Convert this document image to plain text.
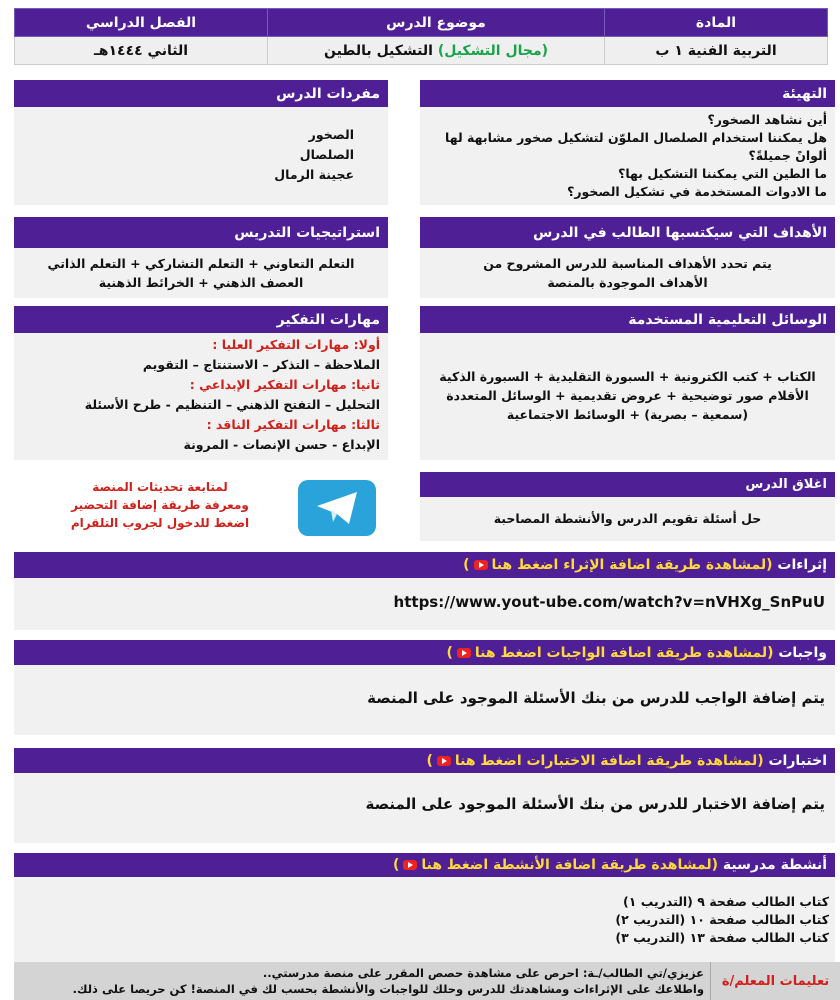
المادة	موضوع الدرس	الفصل الدراسي
التربية الفنية ١ ب	(مجال التشكيل) التشكيل بالطين	الثاني ١٤٤٤هـ
التهيئة
أين نشاهد الصخور؟
هل يمكننا استخدام الصلصال الملوّن لتشكيل صخور مشابهة لها ألوانً جميلةً؟
ما الطين التي يمكننا التشكيل بها؟
ما الادوات المستخدمة في تشكيل الصخور؟
مفردات الدرس
الصخور
الصلصال
عجينة الرمال
الأهداف التي سيكتسبها الطالب في الدرس
يتم تحدد الأهداف المناسبة للدرس المشروح من الأهداف الموجودة بالمنصة
استراتيجيات التدريس
التعلم التعاوني + التعلم التشاركي + التعلم الذاتي
العصف الذهني + الخرائط الذهنية
الوسائل التعليمية المستخدمة
الكتاب + كتب الكترونية + السبورة التقليدية + السبورة الذكية
الأقلام صور توضيحية + عروض تقديمية + الوسائل المتعددة
(سمعية – بصرية) + الوسائط الاجتماعية
مهارات التفكير
أولا: مهارات التفكير العليا :
الملاحظة – التذكر – الاستنتاج – التقويم
ثانيا: مهارات التفكير الإبداعي :
التحليل – التفتح الذهني – التنظيم - طرح الأسئلة
ثالثا: مهارات التفكير الناقد :
الإبداع - حسن الإنصات - المرونة
لمتابعة تحديثات المنصة
ومعرفة طريقة إضافة التحضير
اضغط للدخول لجروب التلقرام
اغلاق الدرس
حل أسئلة تقويم الدرس والأنشطة المصاحبة
إثراءات

(لمشاهدة طريقة اضافة الإثراء اضغط هنا)
https://www.yout-ube.com/watch?v=nVHXg_SnPuU
واجبات

(لمشاهدة طريقة اضافة الواجبات اضغط هنا)
يتم إضافة الواجب للدرس من بنك الأسئلة الموجود على المنصة
اختبارات

(لمشاهدة طريقة اضافة الاختبارات اضغط هنا)
يتم إضافة الاختبار للدرس من بنك الأسئلة الموجود على المنصة
أنشطة مدرسية

(لمشاهدة طريقة اضافة الأنشطة اضغط هنا)
كتاب الطالب صفحة ٩ (التدريب ١)
كتاب الطالب صفحة ١٠ (التدريب ٢)
كتاب الطالب صفحة ١٣ (التدريب ٣)
تعليمات المعلم/ة
عزيزي/تي الطالب/ـة: احرص على مشاهدة حصص المقرر على منصة مدرستي..
واطلاعك على الإثراءات ومشاهدتك للدرس وحلك للواجبات والأنشطة بحسب لك في المنصة! كن حريصا على ذلك.
